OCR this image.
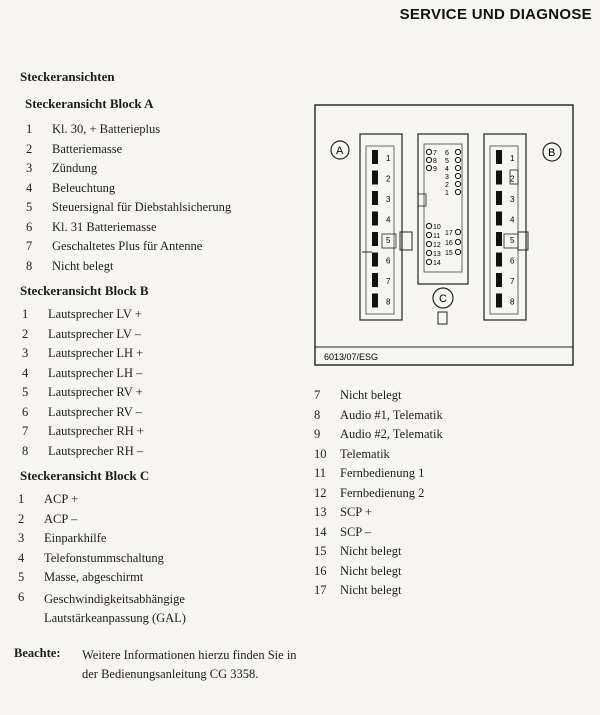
SERVICE UND DIAGNOSE
Steckeransichten
Steckeransicht Block A
1	Kl. 30, + Batterieplus
2	Batteriemasse
3	Zündung
4	Beleuchtung
5	Steuersignal für Diebstahlsicherung
6	Kl. 31 Batteriemasse
7	Geschaltetes Plus für Antenne
8	Nicht belegt
Steckeransicht Block B
1	Lautsprecher LV +
2	Lautsprecher LV –
3	Lautsprecher LH +
4	Lautsprecher LH –
5	Lautsprecher RV +
6	Lautsprecher RV –
7	Lautsprecher RH +
8	Lautsprecher RH –
Steckeransicht Block C
1	ACP +
2	ACP –
3	Einparkhilfe
4	Telefonstummschaltung
5	Masse, abgeschirmt
6	Geschwindigkeitsabhängige Lautstärkeanpassung (GAL)
7	Nicht belegt
8	Audio #1, Telematik
9	Audio #2, Telematik
10	Telematik
11	Fernbedienung 1
12	Fernbedienung 2
13	SCP +
14	SCP –
15	Nicht belegt
16	Nicht belegt
17	Nicht belegt
Beachte:	Weitere Informationen hierzu finden Sie in der Bedienungsanleitung CG 3358.
6013/07/ESG
A	B
1
2
3
4
5
6
7
8
7
8
9
10
11
12
13
14
6
5
4
3
2
1
17
16
15
C
1
2
3
4
5
6
7
8
